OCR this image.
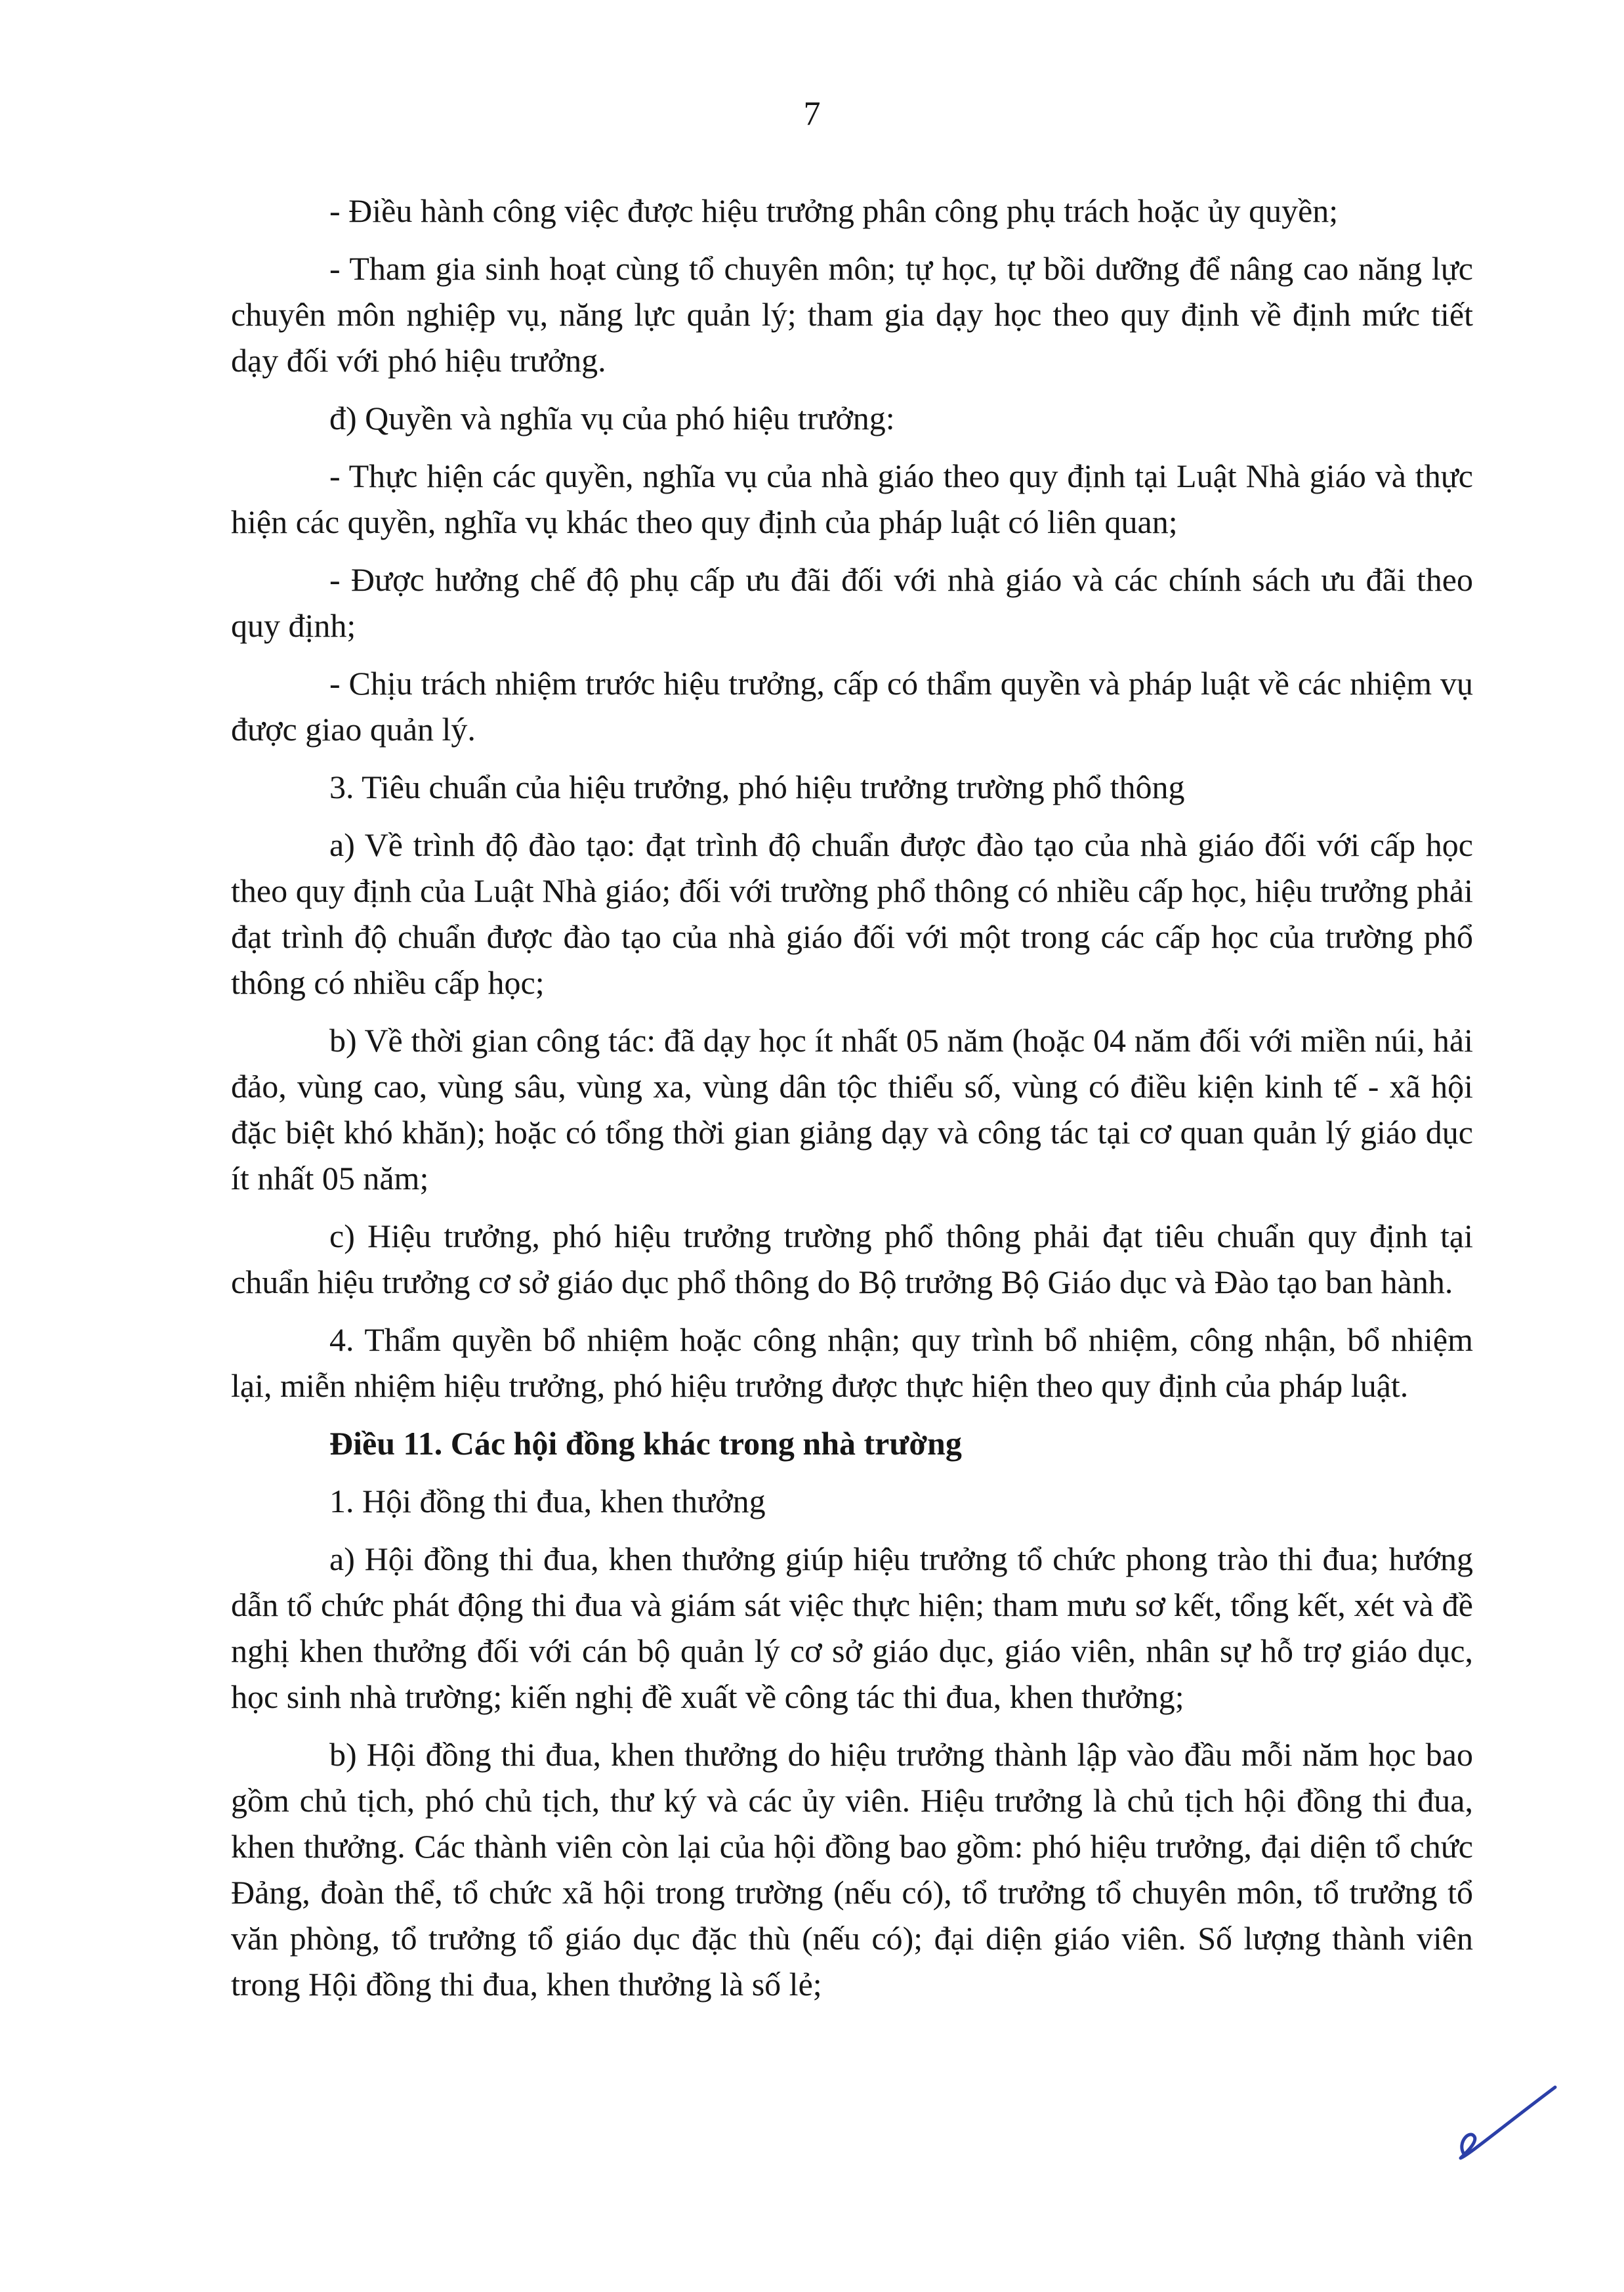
7

- Điều hành công việc được hiệu trưởng phân công phụ trách hoặc ủy quyền;

- Tham gia sinh hoạt cùng tổ chuyên môn; tự học, tự bồi dưỡng để nâng cao năng lực chuyên môn nghiệp vụ, năng lực quản lý; tham gia dạy học theo quy định về định mức tiết dạy đối với phó hiệu trưởng.

đ) Quyền và nghĩa vụ của phó hiệu trưởng:

- Thực hiện các quyền, nghĩa vụ của nhà giáo theo quy định tại Luật Nhà giáo và thực hiện các quyền, nghĩa vụ khác theo quy định của pháp luật có liên quan;

- Được hưởng chế độ phụ cấp ưu đãi đối với nhà giáo và các chính sách ưu đãi theo quy định;

- Chịu trách nhiệm trước hiệu trưởng, cấp có thẩm quyền và pháp luật về các nhiệm vụ được giao quản lý.

3. Tiêu chuẩn của hiệu trưởng, phó hiệu trưởng trường phổ thông

a) Về trình độ đào tạo: đạt trình độ chuẩn được đào tạo của nhà giáo đối với cấp học theo quy định của Luật Nhà giáo; đối với trường phổ thông có nhiều cấp học, hiệu trưởng phải đạt trình độ chuẩn được đào tạo của nhà giáo đối với một trong các cấp học của trường phổ thông có nhiều cấp học;

b) Về thời gian công tác: đã dạy học ít nhất 05 năm (hoặc 04 năm đối với miền núi, hải đảo, vùng cao, vùng sâu, vùng xa, vùng dân tộc thiểu số, vùng có điều kiện kinh tế - xã hội đặc biệt khó khăn); hoặc có tổng thời gian giảng dạy và công tác tại cơ quan quản lý giáo dục ít nhất 05 năm;

c) Hiệu trưởng, phó hiệu trưởng trường phổ thông phải đạt tiêu chuẩn quy định tại chuẩn hiệu trưởng cơ sở giáo dục phổ thông do Bộ trưởng Bộ Giáo dục và Đào tạo ban hành.

4. Thẩm quyền bổ nhiệm hoặc công nhận; quy trình bổ nhiệm, công nhận, bổ nhiệm lại, miễn nhiệm hiệu trưởng, phó hiệu trưởng được thực hiện theo quy định của pháp luật.

Điều 11. Các hội đồng khác trong nhà trường

1. Hội đồng thi đua, khen thưởng

a) Hội đồng thi đua, khen thưởng giúp hiệu trưởng tổ chức phong trào thi đua; hướng dẫn tổ chức phát động thi đua và giám sát việc thực hiện; tham mưu sơ kết, tổng kết, xét và đề nghị khen thưởng đối với cán bộ quản lý cơ sở giáo dục, giáo viên, nhân sự hỗ trợ giáo dục, học sinh nhà trường; kiến nghị đề xuất về công tác thi đua, khen thưởng;

b) Hội đồng thi đua, khen thưởng do hiệu trưởng thành lập vào đầu mỗi năm học bao gồm chủ tịch, phó chủ tịch, thư ký và các ủy viên. Hiệu trưởng là chủ tịch hội đồng thi đua, khen thưởng. Các thành viên còn lại của hội đồng bao gồm: phó hiệu trưởng, đại diện tổ chức Đảng, đoàn thể, tổ chức xã hội trong trường (nếu có), tổ trưởng tổ chuyên môn, tổ trưởng tổ văn phòng, tổ trưởng tổ giáo dục đặc thù (nếu có); đại diện giáo viên. Số lượng thành viên trong Hội đồng thi đua, khen thưởng là số lẻ;
